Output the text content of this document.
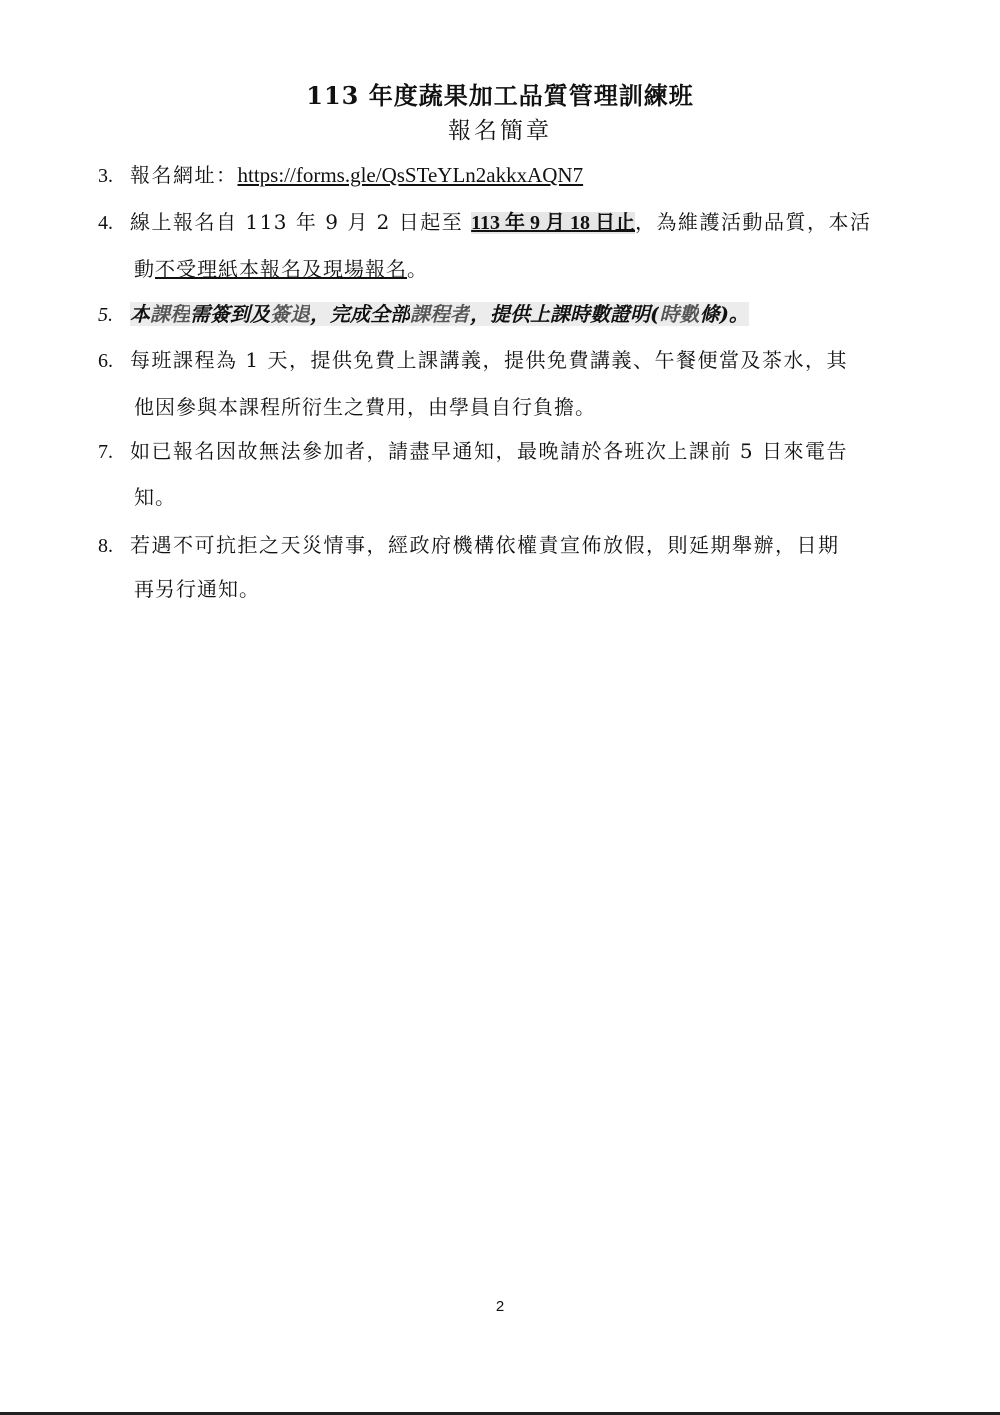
113 年度蔬果加工品質管理訓練班
報名簡章
3. 報名網址：https://forms.gle/QsSTeYLn2akkxAQN7
4. 線上報名自 113 年 9 月 2 日起至 113 年 9 月 18 日止，為維護活動品質，本活
動不受理紙本報名及現場報名。
5. 本課程需簽到及簽退，完成全部課程者，提供上課時數證明(時數條)。
6. 每班課程為 1 天，提供免費上課講義，提供免費講義、午餐便當及茶水，其
他因參與本課程所衍生之費用，由學員自行負擔。
7. 如已報名因故無法參加者，請盡早通知，最晚請於各班次上課前 5 日來電告
知。
8. 若遇不可抗拒之天災情事，經政府機構依權責宣佈放假，則延期舉辦，日期
再另行通知。
2
